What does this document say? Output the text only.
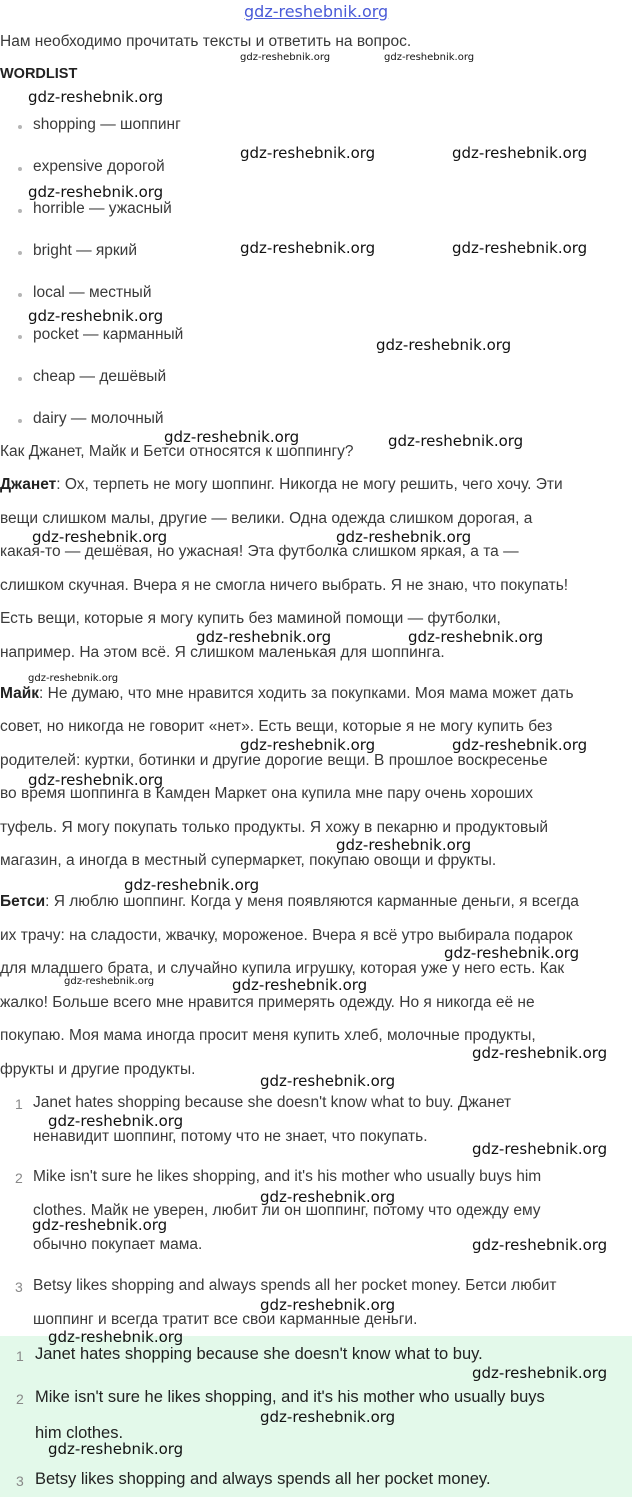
gdz-reshebnik.org
Нам необходимо прочитать тексты и ответить на вопрос.
WORDLIST
shopping — шоппинг
expensive дорогой
horrible — ужасный
bright — яркий
local — местный
pocket — карманный
cheap — дешёвый
dairy — молочный
Как Джанет, Майк и Бетси относятся к шоппингу?
Джанет: Ох, терпеть не могу шоппинг. Никогда не могу решить, чего хочу. Эти
вещи слишком малы, другие — велики. Одна одежда слишком дорогая, а
какая-то — дешёвая, но ужасная! Эта футболка слишком яркая, а та —
слишком скучная. Вчера я не смогла ничего выбрать. Я не знаю, что покупать!
Есть вещи, которые я могу купить без маминой помощи — футболки,
например. На этом всё. Я слишком маленькая для шоппинга.
Майк: Не думаю, что мне нравится ходить за покупками. Моя мама может дать
совет, но никогда не говорит «нет». Есть вещи, которые я не могу купить без
родителей: куртки, ботинки и другие дорогие вещи. В прошлое воскресенье
во время шоппинга в Камден Маркет она купила мне пару очень хороших
туфель. Я могу покупать только продукты. Я хожу в пекарню и продуктовый
магазин, а иногда в местный супермаркет, покупаю овощи и фрукты.
Бетси: Я люблю шоппинг. Когда у меня появляются карманные деньги, я всегда
их трачу: на сладости, жвачку, мороженое. Вчера я всё утро выбирала подарок
для младшего брата, и случайно купила игрушку, которая уже у него есть. Как
жалко! Больше всего мне нравится примерять одежду. Но я никогда её не
покупаю. Моя мама иногда просит меня купить хлеб, молочные продукты,
фрукты и другие продукты.
1 Janet hates shopping because she doesn't know what to buy. Джанет
ненавидит шоппинг, потому что не знает, что покупать.
2 Mike isn't sure he likes shopping, and it's his mother who usually buys him
clothes. Майк не уверен, любит ли он шоппинг, потому что одежду ему
обычно покупает мама.
3 Betsy likes shopping and always spends all her pocket money. Бетси любит
шоппинг и всегда тратит все свои карманные деньги.
1 Janet hates shopping because she doesn't know what to buy.
2 Mike isn't sure he likes shopping, and it's his mother who usually buys
him clothes.
3 Betsy likes shopping and always spends all her pocket money.
gdz-reshebnik.org	gdz-reshebnik.org
gdz-reshebnik.org
gdz-reshebnik.org	gdz-reshebnik.org
gdz-reshebnik.org
gdz-reshebnik.org	gdz-reshebnik.org
gdz-reshebnik.org
gdz-reshebnik.org
gdz-reshebnik.org	gdz-reshebnik.org
gdz-reshebnik.org	gdz-reshebnik.org
gdz-reshebnik.org	gdz-reshebnik.org
gdz-reshebnik.org
gdz-reshebnik.org	gdz-reshebnik.org
gdz-reshebnik.org
gdz-reshebnik.org
gdz-reshebnik.org
gdz-reshebnik.org
gdz-reshebnik.org	gdz-reshebnik.org
gdz-reshebnik.org
gdz-reshebnik.org
gdz-reshebnik.org
gdz-reshebnik.org
gdz-reshebnik.org
gdz-reshebnik.org
gdz-reshebnik.org
gdz-reshebnik.org
gdz-reshebnik.org
gdz-reshebnik.org
gdz-reshebnik.org
gdz-reshebnik.org
